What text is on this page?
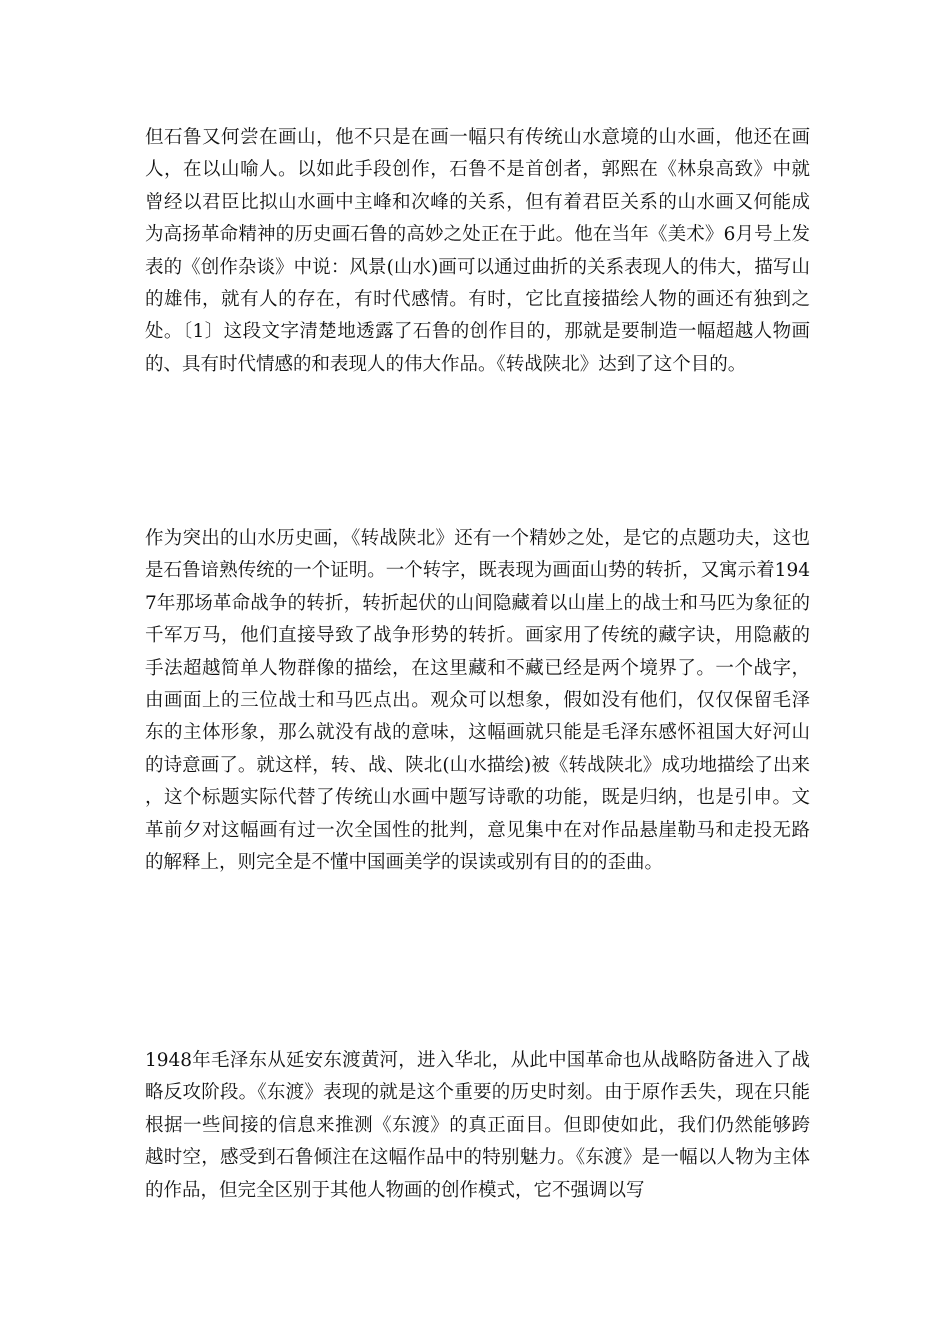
但石鲁又何尝在画山，他不只是在画一幅只有传统山水意境的山水画，他还在画人，在以山喻人。以如此手段创作，石鲁不是首创者，郭熙在《林泉高致》中就曾经以君臣比拟山水画中主峰和次峰的关系，但有着君臣关系的山水画又何能成为高扬革命精神的历史画石鲁的高妙之处正在于此。他在当年《美术》6月号上发表的《创作杂谈》中说：风景(山水)画可以通过曲折的关系表现人的伟大，描写山的雄伟，就有人的存在，有时代感情。有时，它比直接描绘人物的画还有独到之处。〔1〕这段文字清楚地透露了石鲁的创作目的，那就是要制造一幅超越人物画的、具有时代情感的和表现人的伟大作品。《转战陕北》达到了这个目的。

作为突出的山水历史画，《转战陕北》还有一个精妙之处，是它的点题功夫，这也是石鲁谙熟传统的一个证明。一个转字，既表现为画面山势的转折，又寓示着1947年那场革命战争的转折，转折起伏的山间隐藏着以山崖上的战士和马匹为象征的千军万马，他们直接导致了战争形势的转折。画家用了传统的藏字诀，用隐蔽的手法超越简单人物群像的描绘，在这里藏和不藏已经是两个境界了。一个战字，由画面上的三位战士和马匹点出。观众可以想象，假如没有他们，仅仅保留毛泽东的主体形象，那么就没有战的意味，这幅画就只能是毛泽东感怀祖国大好河山的诗意画了。就这样，转、战、陕北(山水描绘)被《转战陕北》成功地描绘了出来，这个标题实际代替了传统山水画中题写诗歌的功能，既是归纳，也是引申。文革前夕对这幅画有过一次全国性的批判，意见集中在对作品悬崖勒马和走投无路的解释上，则完全是不懂中国画美学的误读或别有目的的歪曲。

1948年毛泽东从延安东渡黄河，进入华北，从此中国革命也从战略防备进入了战略反攻阶段。《东渡》表现的就是这个重要的历史时刻。由于原作丢失，现在只能根据一些间接的信息来推测《东渡》的真正面目。但即使如此，我们仍然能够跨越时空，感受到石鲁倾注在这幅作品中的特别魅力。《东渡》是一幅以人物为主体的作品，但完全区别于其他人物画的创作模式，它不强调以写
